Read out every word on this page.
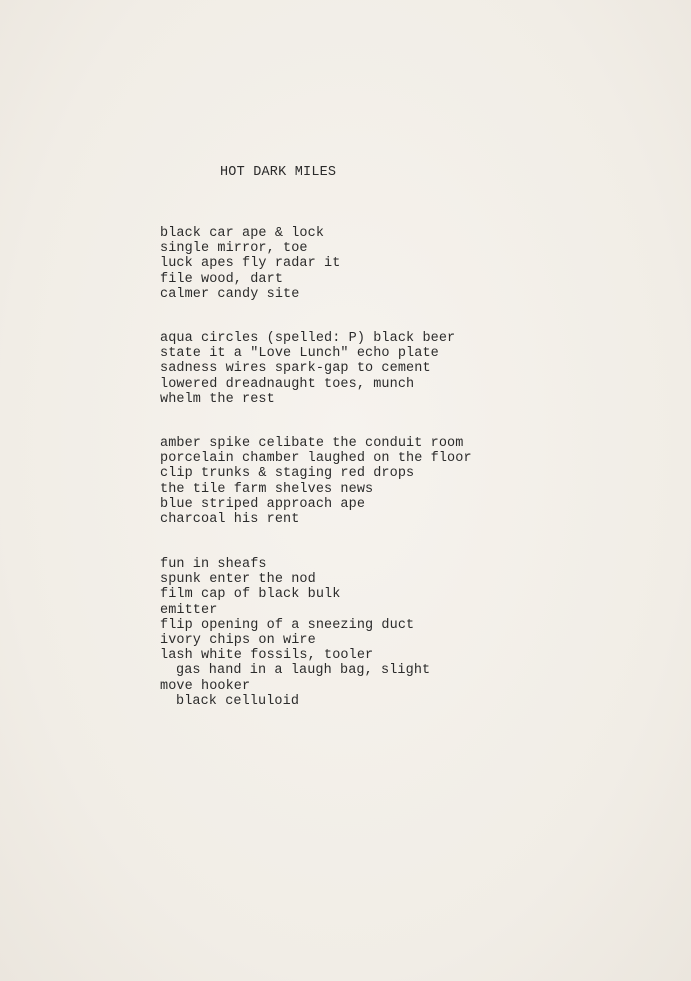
HOT DARK MILES
black car ape & lock
single mirror, toe
luck apes fly radar it
file wood, dart
calmer candy site
aqua circles (spelled: P) black beer
state it a "Love Lunch" echo plate
sadness wires spark-gap to cement
lowered dreadnaught toes, munch
whelm the rest
amber spike celibate the conduit room
porcelain chamber laughed on the floor
clip trunks & staging red drops
the tile farm shelves news
blue striped approach ape
charcoal his rent
fun in sheafs
spunk enter the nod
film cap of black bulk
emitter
flip opening of a sneezing duct
ivory chips on wire
lash white fossils, tooler
gas hand in a laugh bag, slight
move hooker
black celluloid
